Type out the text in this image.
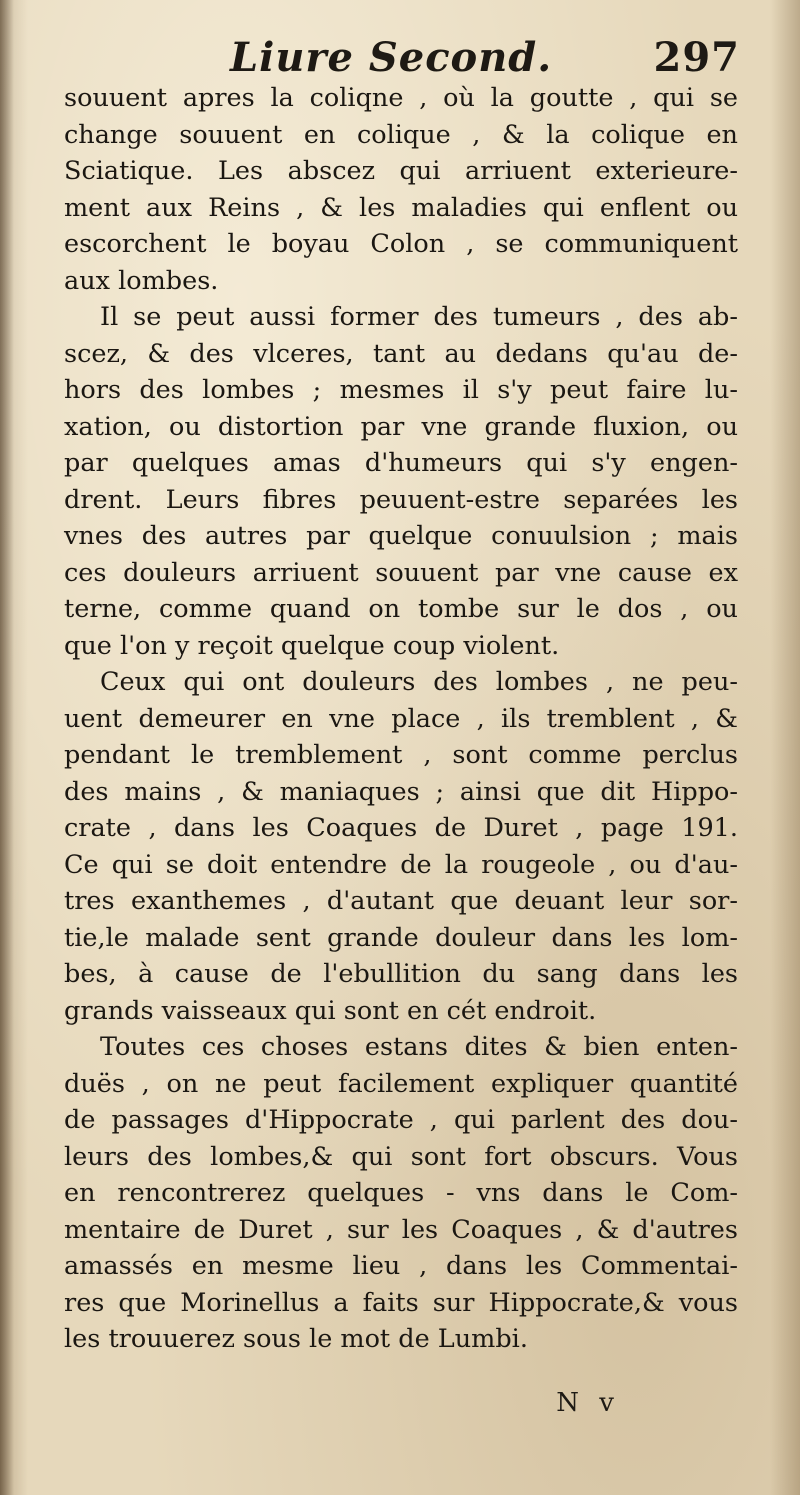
Liure Second.	297
souuent apres la coliqne , où la goutte , qui se
change souuent en colique , & la colique en
Sciatique. Les abscez qui arriuent exterieure-
ment aux Reins , & les maladies qui enflent ou
escorchent le boyau Colon , se communiquent
aux lombes.
Il se peut aussi former des tumeurs , des ab-
scez, & des vlceres, tant au dedans qu'au de-
hors des lombes ; mesmes il s'y peut faire lu-
xation, ou distortion par vne grande fluxion, ou
par quelques amas d'humeurs qui s'y engen-
drent. Leurs fibres peuuent-estre separées les
vnes des autres par quelque conuulsion ; mais
ces douleurs arriuent souuent par vne cause ex
terne, comme quand on tombe sur le dos , ou
que l'on y reçoit quelque coup violent.
Ceux qui ont douleurs des lombes , ne peu-
uent demeurer en vne place , ils tremblent , &
pendant le tremblement , sont comme perclus
des mains , & maniaques ; ainsi que dit Hippo-
crate , dans les Coaques de Duret , page 191.
Ce qui se doit entendre de la rougeole , ou d'au-
tres exanthemes , d'autant que deuant leur sor-
tie,le malade sent grande douleur dans les lom-
bes, à cause de l'ebullition du sang dans les
grands vaisseaux qui sont en cét endroit.
Toutes ces choses estans dites & bien enten-
duës , on ne peut facilement expliquer quantité
de passages d'Hippocrate , qui parlent des dou-
leurs des lombes,& qui sont fort obscurs. Vous
en rencontrerez quelques - vns dans le Com-
mentaire de Duret , sur les Coaques , & d'autres
amassés en mesme lieu , dans les Commentai-
res que Morinellus a faits sur Hippocrate,& vous
les trouuerez sous le mot de Lumbi.
N v
